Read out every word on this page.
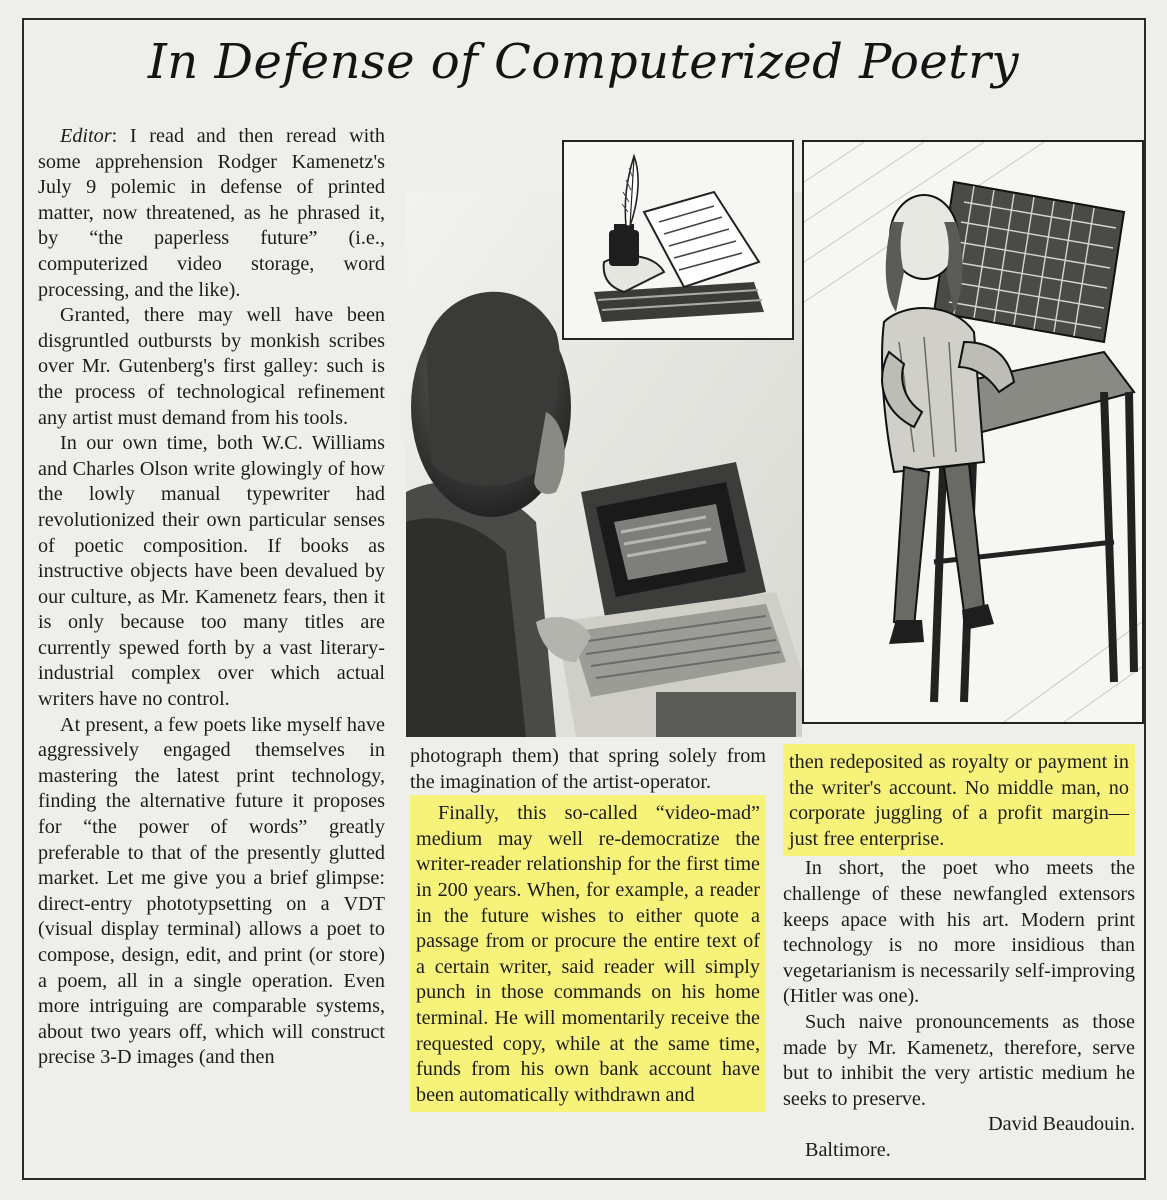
In Defense of Computerized Poetry

Editor: I read and then reread with some apprehension Rodger Kamenetz's July 9 polemic in defense of printed matter, now threatened, as he phrased it, by “the paperless future” (i.e., computerized video storage, word processing, and the like).

Granted, there may well have been disgruntled outbursts by monkish scribes over Mr. Gutenberg's first galley: such is the process of technological refinement any artist must demand from his tools.

In our own time, both W.C. Williams and Charles Olson write glowingly of how the lowly manual typewriter had revolutionized their own particular senses of poetic composition. If books as instructive objects have been devalued by our culture, as Mr. Kamenetz fears, then it is only because too many titles are currently spewed forth by a vast literary-industrial complex over which actual writers have no control.

At present, a few poets like myself have aggressively engaged themselves in mastering the latest print technology, finding the alternative future it proposes for “the power of words” greatly preferable to that of the presently glutted market. Let me give you a brief glimpse: direct-entry phototypsetting on a VDT (visual display terminal) allows a poet to compose, design, edit, and print (or store) a poem, all in a single operation. Even more intriguing are comparable systems, about two years off, which will construct precise 3-D images (and then

photograph them) that spring solely from the imagination of the artist-operator.

Finally, this so-called “video-mad” medium may well re-democratize the writer-reader relationship for the first time in 200 years. When, for example, a reader in the future wishes to either quote a passage from or procure the entire text of a certain writer, said reader will simply punch in those commands on his home terminal. He will momentarily receive the requested copy, while at the same time, funds from his own bank account have been automatically withdrawn and

then redeposited as royalty or payment in the writer's account. No middle man, no corporate juggling of a profit margin—just free enterprise.

In short, the poet who meets the challenge of these newfangled extensors keeps apace with his art. Modern print technology is no more insidious than vegetarianism is necessarily self-improving (Hitler was one).

Such naive pronouncements as those made by Mr. Kamenetz, therefore, serve but to inhibit the very artistic medium he seeks to preserve.

David Beaudouin.

Baltimore.
